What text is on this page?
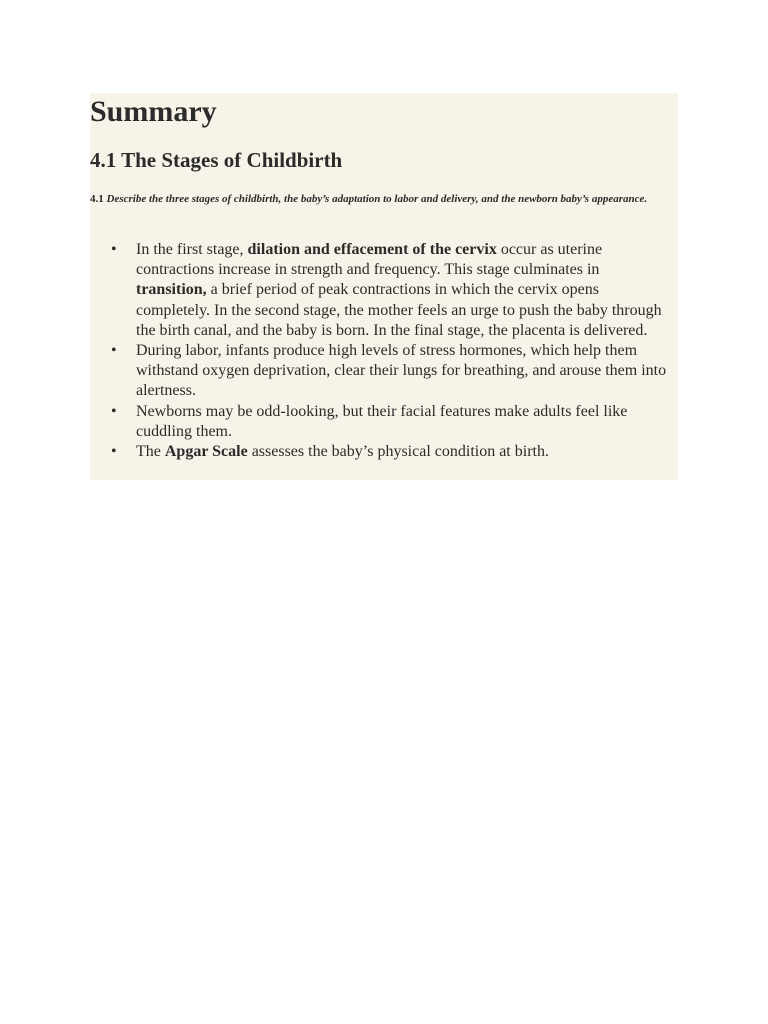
Summary
4.1 The Stages of Childbirth

4.1 Describe the three stages of childbirth, the baby’s adaptation to labor and delivery, and the newborn baby’s appearance.

• In the first stage, dilation and effacement of the cervix occur as uterine contractions increase in strength and frequency. This stage culminates in transition, a brief period of peak contractions in which the cervix opens completely. In the second stage, the mother feels an urge to push the baby through the birth canal, and the baby is born. In the final stage, the placenta is delivered.
• During labor, infants produce high levels of stress hormones, which help them withstand oxygen deprivation, clear their lungs for breathing, and arouse them into alertness.
• Newborns may be odd-looking, but their facial features make adults feel like cuddling them.
• The Apgar Scale assesses the baby’s physical condition at birth.
